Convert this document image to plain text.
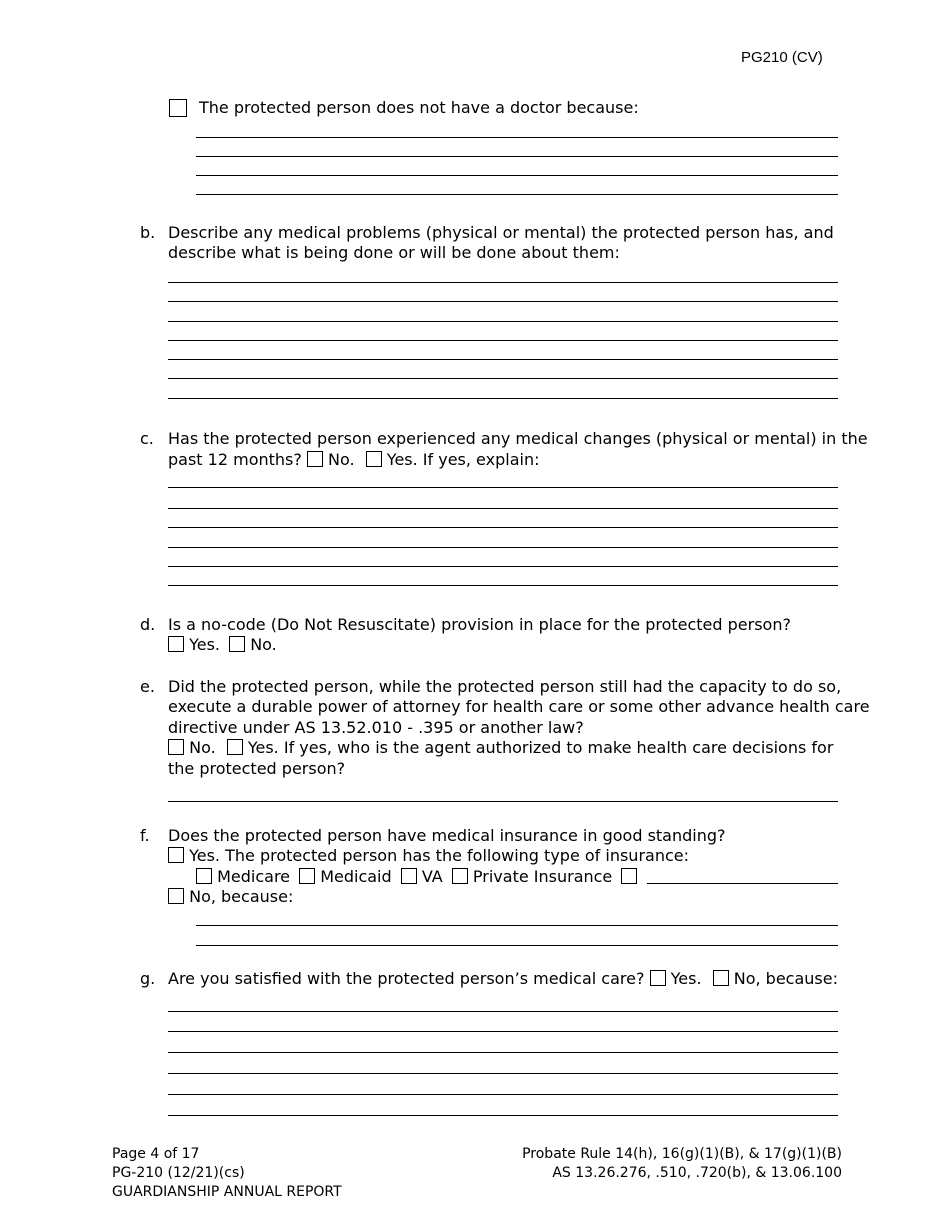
PG210 (CV)
The protected person does not have a doctor because:
b. Describe any medical problems (physical or mental) the protected person has, and
describe what is being done or will be done about them:
c. Has the protected person experienced any medical changes (physical or mental) in the
past 12 months? No. Yes. If yes, explain:
d. Is a no-code (Do Not Resuscitate) provision in place for the protected person?
Yes. No.
e. Did the protected person, while the protected person still had the capacity to do so,
execute a durable power of attorney for health care or some other advance health care
directive under AS 13.52.010 - .395 or another law?
No. Yes. If yes, who is the agent authorized to make health care decisions for
the protected person?
f. Does the protected person have medical insurance in good standing?
Yes. The protected person has the following type of insurance:
Medicare Medicaid VA Private Insurance
No, because:
g. Are you satisfied with the protected person’s medical care? Yes. No, because:
Page 4 of 17
PG-210 (12/21)(cs)
GUARDIANSHIP ANNUAL REPORT
Probate Rule 14(h), 16(g)(1)(B), & 17(g)(1)(B)
AS 13.26.276, .510, .720(b), & 13.06.100
